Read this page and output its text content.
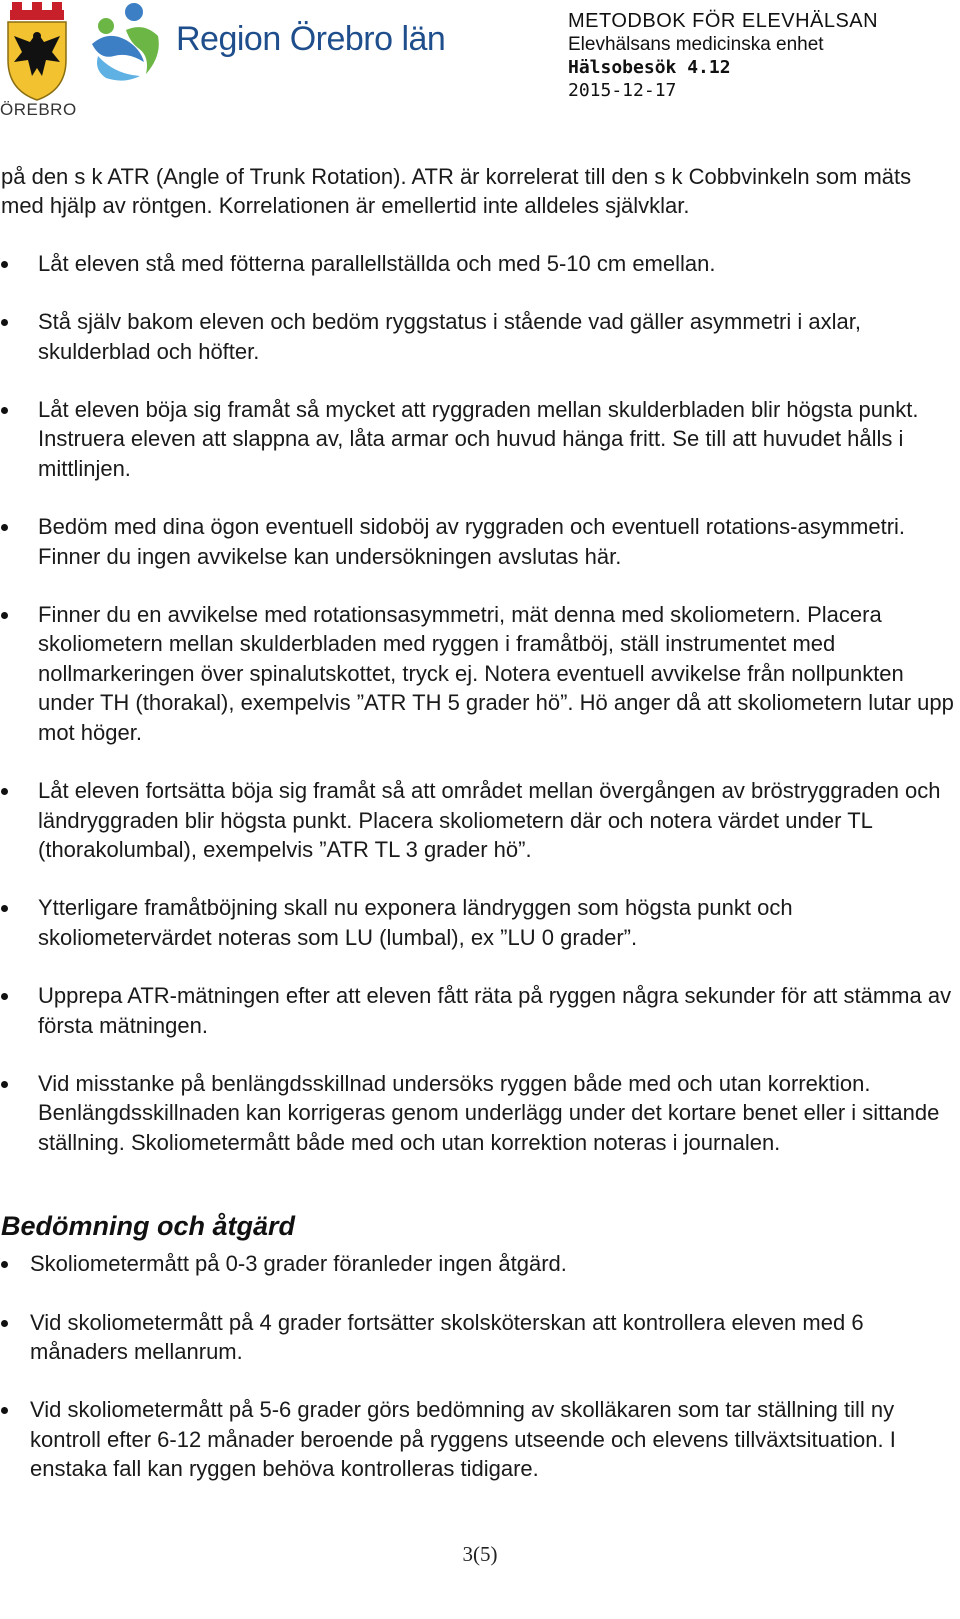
ÖREBRO
Region Örebro län	METODBOK FÖR ELEVHÄLSAN
Elevhälsans medicinska enhet
Hälsobesök 4.12
2015-12-17

på den s k ATR (Angle of Trunk Rotation). ATR är korrelerat till den s k Cobbvinkeln som mäts med hjälp av röntgen. Korrelationen är emellertid inte alldeles självklar.

Låt eleven stå med fötterna parallellställda och med 5-10 cm emellan.
Stå själv bakom eleven och bedöm ryggstatus i stående vad gäller asymmetri i axlar, skulderblad och höfter.
Låt eleven böja sig framåt så mycket att ryggraden mellan skulderbladen blir högsta punkt. Instruera eleven att slappna av, låta armar och huvud hänga fritt. Se till att huvudet hålls i mittlinjen.
Bedöm med dina ögon eventuell sidoböj av ryggraden och eventuell rotations-asymmetri. Finner du ingen avvikelse kan undersökningen avslutas här.
Finner du en avvikelse med rotationsasymmetri, mät denna med skoliometern. Placera skoliometern mellan skulderbladen med ryggen i framåtböj, ställ instrumentet med nollmarkeringen över spinalutskottet, tryck ej. Notera eventuell avvikelse från nollpunkten under TH (thorakal), exempelvis ”ATR TH 5 grader hö”. Hö anger då att skoliometern lutar upp mot höger.
Låt eleven fortsätta böja sig framåt så att området mellan övergången av bröstryggraden och ländryggraden blir högsta punkt. Placera skoliometern där och notera värdet under TL (thorakolumbal), exempelvis ”ATR TL 3 grader hö”.
Ytterligare framåtböjning skall nu exponera ländryggen som högsta punkt och skoliometervärdet noteras som LU (lumbal), ex ”LU 0 grader”.
Upprepa ATR-mätningen efter att eleven fått räta på ryggen några sekunder för att stämma av första mätningen.
Vid misstanke på benlängdsskillnad undersöks ryggen både med och utan korrektion. Benlängdsskillnaden kan korrigeras genom underlägg under det kortare benet eller i sittande ställning. Skoliometermått både med och utan korrektion noteras i journalen.
Bedömning och åtgärd
Skoliometermått på 0-3 grader föranleder ingen åtgärd.
Vid skoliometermått på 4 grader fortsätter skolsköterskan att kontrollera eleven med 6 månaders mellanrum.
Vid skoliometermått på 5-6 grader görs bedömning av skolläkaren som tar ställning till ny kontroll efter 6-12 månader beroende på ryggens utseende och elevens tillväxtsituation. I enstaka fall kan ryggen behöva kontrolleras tidigare.
3(5)
